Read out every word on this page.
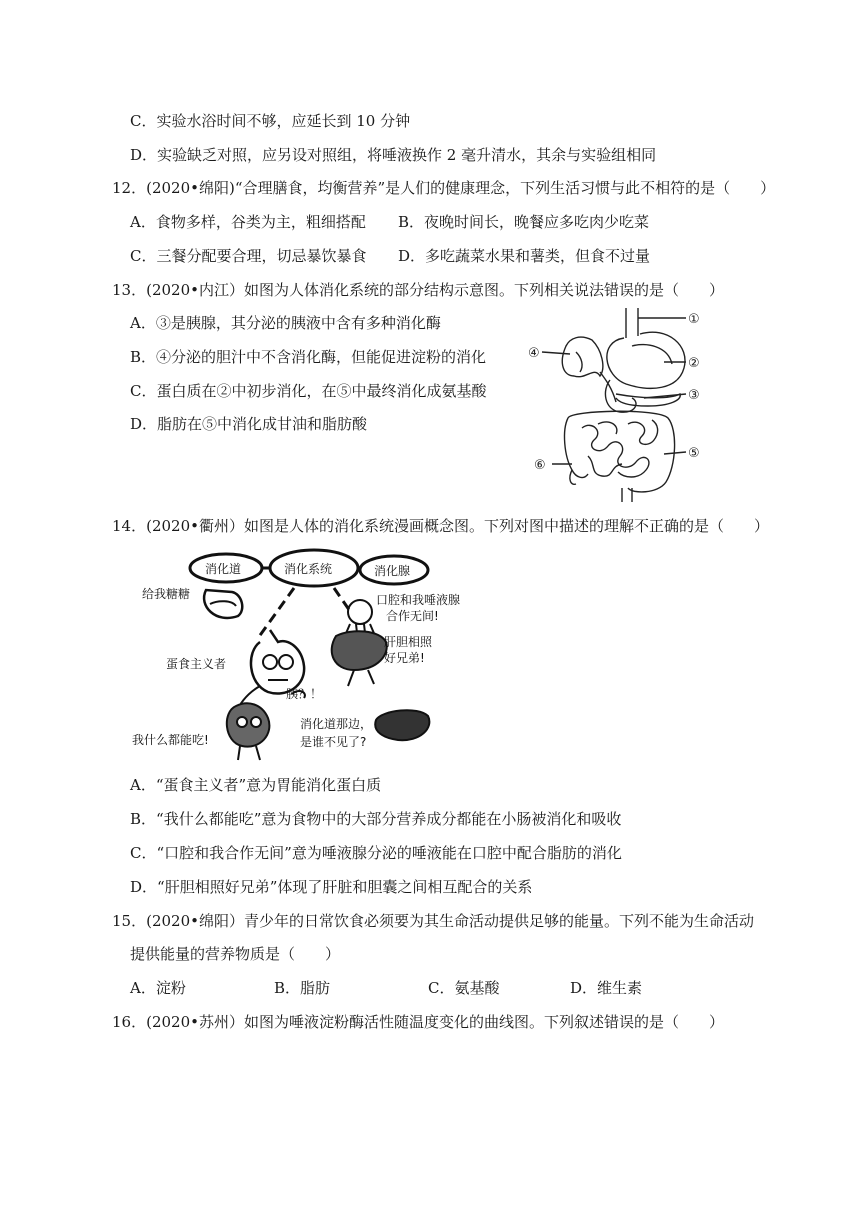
C．实验水浴时间不够，应延长到 10 分钟
D．实验缺乏对照，应另设对照组，将唾液换作 2 毫升清水，其余与实验组相同
12．(2020•绵阳)“合理膳食，均衡营养”是人们的健康理念，下列生活习惯与此不相符的是（　　）
A．食物多样，谷类为主，粗细搭配 B．夜晚时间长，晚餐应多吃肉少吃菜
C．三餐分配要合理，切忌暴饮暴食 D．多吃蔬菜水果和薯类，但食不过量
13．(2020•内江）如图为人体消化系统的部分结构示意图。下列相关说法错误的是（　　）
A．③是胰腺，其分泌的胰液中含有多种消化酶
B．④分泌的胆汁中不含消化酶，但能促进淀粉的消化
C．蛋白质在②中初步消化，在⑤中最终消化成氨基酸
D．脂肪在⑤中消化成甘油和脂肪酸
①
②
③
④
⑤
⑥
14．(2020•衢州）如图是人体的消化系统漫画概念图。下列对图中描述的理解不正确的是（　　）
消化道	消化系统	消化腺
给我糖糖	口腔和我唾液腺
合作无间!
蛋食主义者
肝胆相照
好兄弟!
胰？！
我什么都能吃!
消化道那边，
是谁不见了?
A．“蛋食主义者”意为胃能消化蛋白质
B．“我什么都能吃”意为食物中的大部分营养成分都能在小肠被消化和吸收
C．“口腔和我合作无间”意为唾液腺分泌的唾液能在口腔中配合脂肪的消化
D．“肝胆相照好兄弟”体现了肝脏和胆囊之间相互配合的关系
15．(2020•绵阳）青少年的日常饮食必须要为其生命活动提供足够的能量。下列不能为生命活动
提供能量的营养物质是（　　）
A．淀粉	B．脂肪	C．氨基酸	D．维生素
16．(2020•苏州）如图为唾液淀粉酶活性随温度变化的曲线图。下列叙述错误的是（　　）
